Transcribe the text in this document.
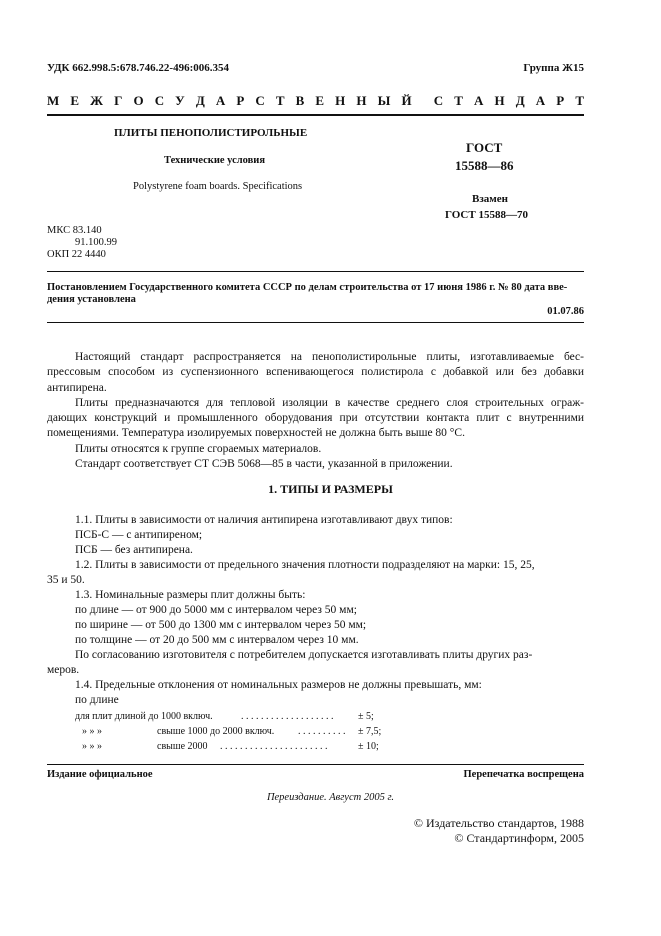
УДК 662.998.5:678.746.22-496:006.354	Группа Ж15
М Е Ж Г О С У Д А Р С Т В Е Н Н Ы Й С Т А Н Д А Р Т
ПЛИТЫ ПЕНОПОЛИСТИРОЛЬНЫЕ
Технические условия
Polystyrene foam boards. Specifications
ГОСТ
15588—86
Взамен
ГОСТ 15588—70
МКС 83.140
91.100.99
ОКП 22 4440
Постановлением Государственного комитета СССР по делам строительства от 17 июня 1986 г. № 80 дата вве-
дения установлена
01.07.86

Настоящий стандарт распространяется на пенополистирольные плиты, изготавливаемые бес- прессовым способом из суспензионного вспенивающегося полистирола с добавкой или без добавки антипирена.

Плиты предназначаются для тепловой изоляции в качестве среднего слоя строительных ограж- дающих конструкций и промышленного оборудования при отсутствии контакта плит с внутренними помещениями. Температура изолируемых поверхностей не должна быть выше 80 °С.

Плиты относятся к группе сгораемых материалов.

Стандарт соответствует СТ СЭВ 5068—85 в части, указанной в приложении.

1. ТИПЫ И РАЗМЕРЫ
1.1. Плиты в зависимости от наличия антипирена изготавливают двух типов:
ПСБ-С — с антипиреном;
ПСБ — без антипирена.
1.2. Плиты в зависимости от предельного значения плотности подразделяют на марки: 15, 25,
35 и 50.
1.3. Номинальные размеры плит должны быть:
по длине — от 900 до 5000 мм с интервалом через 50 мм;
по ширине — от 500 до 1300 мм с интервалом через 50 мм;
по толщине — от 20 до 500 мм с интервалом через 10 мм.
По согласованию изготовителя с потребителем допускается изготавливать плиты других раз-
меров.
1.4. Предельные отклонения от номинальных размеров не должны превышать, мм:
по длине
для плит длиной до 1000 включ.	. . . . . . . . . . . . . . . . . . . ± 5;
» » »	свыше 1000 до 2000 включ. . . . . . . . . . . ± 7,5;
» » »	свыше 2000 . . . . . . . . . . . . . . . . . . . . . .	± 10;
Издание официальное	Перепечатка воспрещена
Переиздание. Август 2005 г.
© Издательство стандартов, 1988
© Стандартинформ, 2005
